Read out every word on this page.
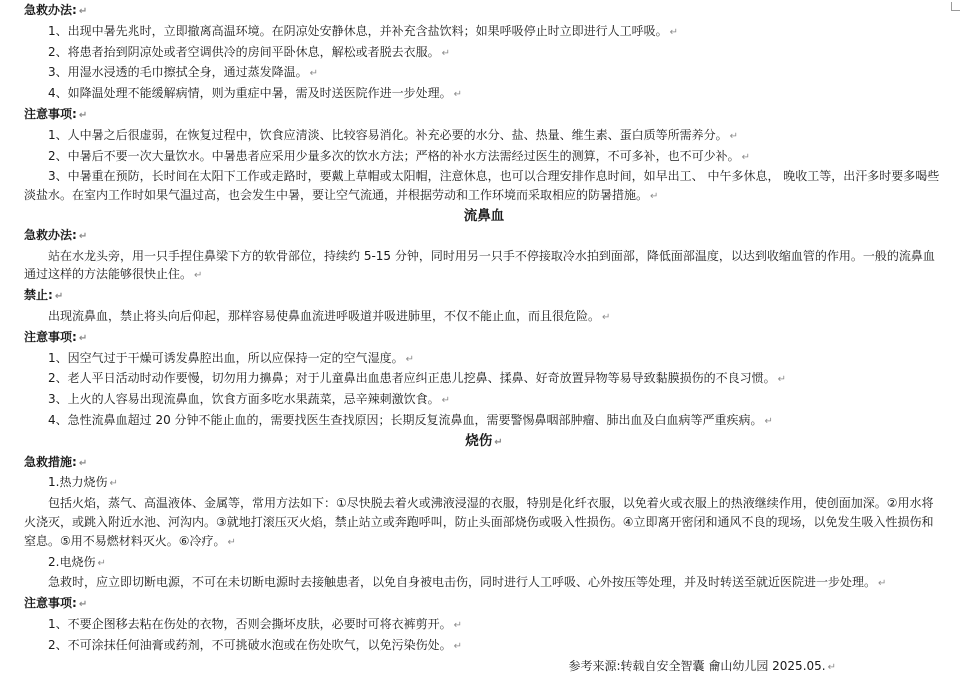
急救办法: ↵
1、出现中暑先兆时，立即撤离高温环境。在阴凉处安静休息，并补充含盐饮料；如果呼吸停止时立即进行人工呼吸。 ↵
2、将患者抬到阴凉处或者空调供冷的房间平卧休息，解松或者脱去衣服。 ↵
3、用湿水浸透的毛巾擦拭全身，通过蒸发降温。 ↵
4、如降温处理不能缓解病情，则为重症中暑，需及时送医院作进一步处理。 ↵
注意事项: ↵
1、人中暑之后很虚弱，在恢复过程中，饮食应清淡、比较容易消化。补充必要的水分、盐、热量、维生素、蛋白质等所需养分。 ↵
2、中暑后不要一次大量饮水。中暑患者应采用少量多次的饮水方法；严格的补水方法需经过医生的测算，不可多补，也不可少补。 ↵
3、中暑重在预防，长时间在太阳下工作或走路时，要戴上草帽或太阳帽，注意休息，也可以合理安排作息时间，如早出工、 中午多休息， 晚收工等，出汗多时要多喝些淡盐水。在室内工作时如果气温过高，也会发生中暑，要让空气流通，并根据劳动和工作环境而采取相应的防暑措施。 ↵
流鼻血
急救办法: ↵
站在水龙头旁，用一只手捏住鼻梁下方的软骨部位，持续约 5-15 分钟，同时用另一只手不停接取冷水拍到面部，降低面部温度，以达到收缩血管的作用。一般的流鼻血通过这样的方法能够很快止住。 ↵
禁止: ↵
出现流鼻血，禁止将头向后仰起，那样容易使鼻血流进呼吸道并吸进肺里，不仅不能止血，而且很危险。 ↵
注意事项: ↵
1、因空气过于干燥可诱发鼻腔出血，所以应保持一定的空气湿度。 ↵
2、老人平日活动时动作要慢，切勿用力擤鼻；对于儿童鼻出血患者应纠正患儿挖鼻、揉鼻、好奇放置异物等易导致黏膜损伤的不良习惯。 ↵
3、上火的人容易出现流鼻血，饮食方面多吃水果蔬菜，忌辛辣刺激饮食。 ↵
4、急性流鼻血超过 20 分钟不能止血的，需要找医生查找原因；长期反复流鼻血，需要警惕鼻咽部肿瘤、肺出血及白血病等严重疾病。 ↵
烧伤 ↵
急救措施: ↵
1.热力烧伤 ↵
包括火焰，蒸气、高温液体、金属等，常用方法如下：①尽快脱去着火或沸液浸湿的衣服，特别是化纤衣服，以免着火或衣服上的热液继续作用，使创面加深。②用水将火浇灭，或跳入附近水池、河沟内。③就地打滚压灭火焰，禁止站立或奔跑呼叫，防止头面部烧伤或吸入性损伤。④立即离开密闭和通风不良的现场，以免发生吸入性损伤和窒息。⑤用不易燃材料灭火。⑥冷疗。 ↵
2.电烧伤 ↵
急救时，应立即切断电源，不可在未切断电源时去接触患者，以免自身被电击伤，同时进行人工呼吸、心外按压等处理，并及时转送至就近医院进一步处理。 ↵
注意事项: ↵
1、不要企图移去粘在伤处的衣物，否则会撕坏皮肤，必要时可将衣裤剪开。 ↵
2、不可涂抹任何油膏或药剂，不可挑破水泡或在伤处吹气，以免污染伤处。 ↵
参考来源:转载自安全智囊 龠山幼儿园 2025.05. ↵
